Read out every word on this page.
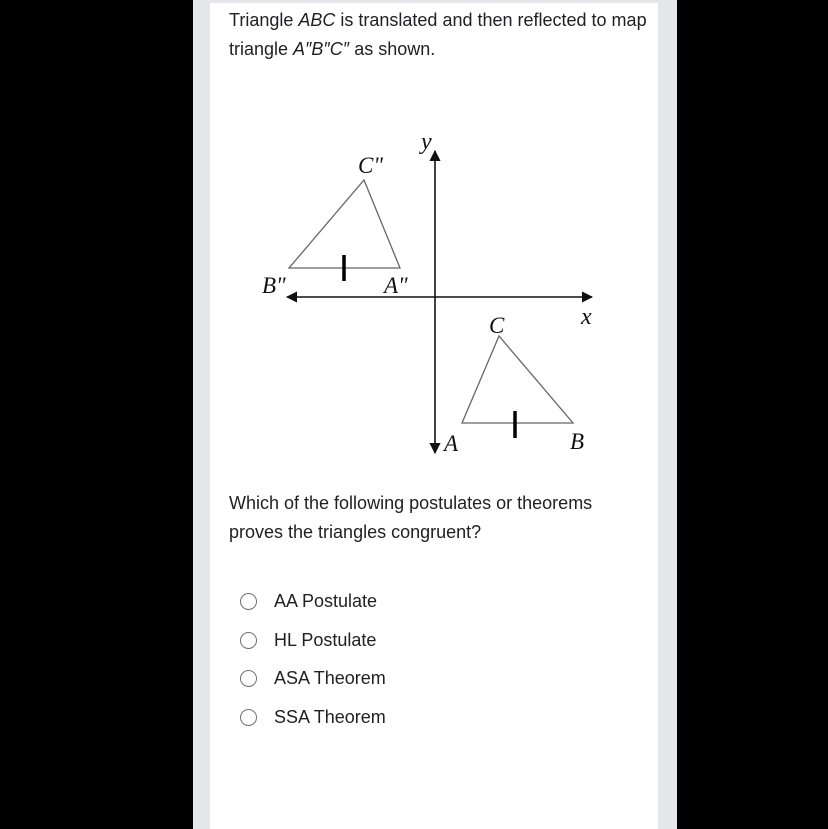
Triangle ABC is translated and then reflected to map triangle A″B″C″ as shown.

x
y
C"
B"	A"
C
A	B

Which of the following postulates or theorems proves the triangles congruent?

AA Postulate
HL Postulate
ASA Theorem
SSA Theorem
